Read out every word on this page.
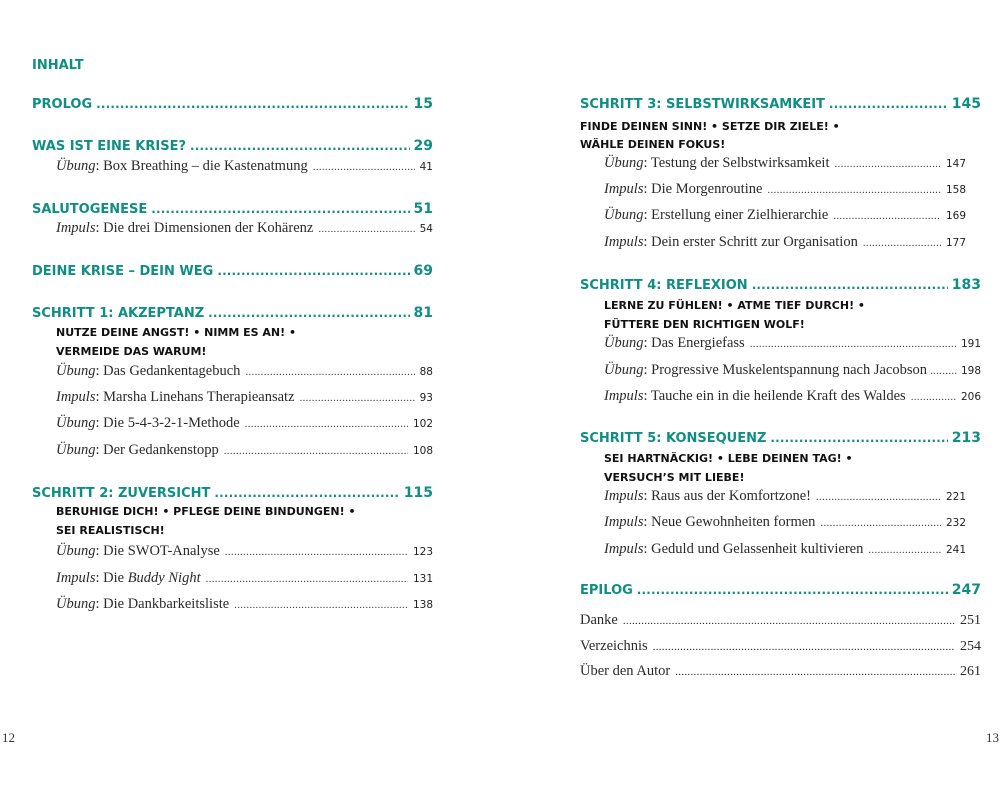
INHALT
PROLOG . . .	15
WAS IST EINE KRISE? . . .	29
Übung: Box Breathing – die Kastenatmung .....	41
SALUTOGENESE . . .	51
Impuls: Die drei Dimensionen der Kohärenz .....	54
DEINE KRISE – DEIN WEG . . .	69
SCHRITT 1: AKZEPTANZ . . .	81
NUTZE DEINE ANGST! • NIMM ES AN! •
VERMEIDE DAS WARUM!
Übung: Das Gedankentagebuch .....	88
Impuls: Marsha Linehans Therapieansatz .....	93
Übung: Die 5-4-3-2-1-Methode .....	102
Übung: Der Gedankenstopp .....	108
SCHRITT 2: ZUVERSICHT . . .	115
BERUHIGE DICH! • PFLEGE DEINE BINDUNGEN! •
SEI REALISTISCH!
Übung: Die SWOT-Analyse .....	123
Impuls: Die Buddy Night .....	131
Übung: Die Dankbarkeitsliste .....	138
12
SCHRITT 3: SELBSTWIRKSAMKEIT . . .	145
FINDE DEINEN SINN! • SETZE DIR ZIELE! •
WÄHLE DEINEN FOKUS!
Übung: Testung der Selbstwirksamkeit .....	147
Impuls: Die Morgenroutine .....	158
Übung: Erstellung einer Zielhierarchie .....	169
Impuls: Dein erster Schritt zur Organisation .....	177
SCHRITT 4: REFLEXION . . .	183
LERNE ZU FÜHLEN! • ATME TIEF DURCH! •
FÜTTERE DEN RICHTIGEN WOLF!
Übung: Das Energiefass .....	191
Übung: Progressive Muskelentspannung nach Jacobson .....	198
Impuls: Tauche ein in die heilende Kraft des Waldes .....	206
SCHRITT 5: KONSEQUENZ . . .	213
SEI HARTNÄCKIG! • LEBE DEINEN TAG! •
VERSUCH’S MIT LIEBE!
Impuls: Raus aus der Komfortzone! .....	221
Impuls: Neue Gewohnheiten formen .....	232
Impuls: Geduld und Gelassenheit kultivieren .....	241
EPILOG . . .	247
Danke .....	251
Verzeichnis .....	254
Über den Autor .....	261
13
